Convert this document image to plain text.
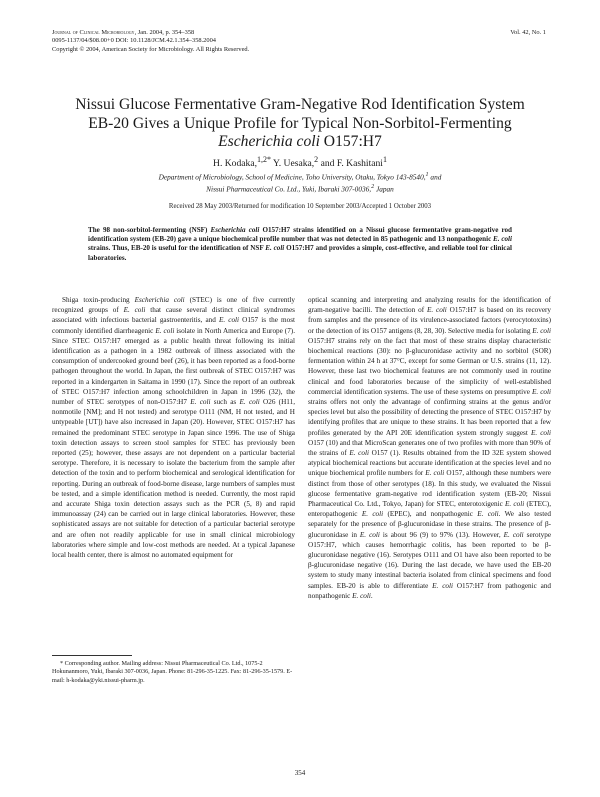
Journal of Clinical Microbiology, Jan. 2004, p. 354–358
0095-1137/04/$08.00+0 DOI: 10.1128/JCM.42.1.354–358.2004
Copyright © 2004, American Society for Microbiology. All Rights Reserved.
Vol. 42, No. 1
Nissui Glucose Fermentative Gram-Negative Rod Identification System
EB-20 Gives a Unique Profile for Typical Non-Sorbitol-Fermenting
Escherichia coli O157:H7
H. Kodaka,$^{1,2*}$ Y. Uesaka,$^2$ and F. Kashitani$^1$
Department of Microbiology, School of Medicine, Toho University, Otaku, Tokyo 143-8540,$^1$ and
Nissui Pharmaceutical Co. Ltd., Yuki, Ibaraki 307-0036,$^2$ Japan
Received 28 May 2003/Returned for modification 10 September 2003/Accepted 1 October 2003

The 98 non-sorbitol-fermenting (NSF) Escherichia coli O157:H7 strains identified on a Nissui glucose fermentative gram-negative rod identification system (EB-20) gave a unique biochemical profile number that was not detected in 85 pathogenic and 13 nonpathogenic E. coli strains. Thus, EB-20 is useful for the identification of NSF E. coli O157:H7 and provides a simple, cost-effective, and reliable tool for clinical laboratories.

Shiga toxin-producing Escherichia coli (STEC) is one of five currently recognized groups of E. coli that cause several distinct clinical syndromes associated with infectious bacterial gastroenteritis, and E. coli O157 is the most commonly identified diarrheagenic E. coli isolate in North America and Europe (7). Since STEC O157:H7 emerged as a public health threat following its initial identification as a pathogen in a 1982 outbreak of illness associated with the consumption of undercooked ground beef (26), it has been reported as a food-borne pathogen throughout the world. In Japan, the first outbreak of STEC O157:H7 was reported in a kindergarten in Saitama in 1990 (17). Since the report of an outbreak of STEC O157:H7 infection among schoolchildren in Japan in 1996 (32), the number of STEC serotypes of non-O157:H7 E. coli such as E. coli O26 (H11, nonmotile [NM]; and H not tested) and serotype O111 (NM, H not tested, and H untypeable [UT]) have also increased in Japan (20). However, STEC O157:H7 has remained the predominant STEC serotype in Japan since 1996. The use of Shiga toxin detection assays to screen stool samples for STEC has previously been reported (25); however, these assays are not dependent on a particular bacterial serotype. Therefore, it is necessary to isolate the bacterium from the sample after detection of the toxin and to perform biochemical and serological identification for reporting. During an outbreak of food-borne disease, large numbers of samples must be tested, and a simple identification method is needed. Currently, the most rapid and accurate Shiga toxin detection assays such as the PCR (5, 8) and rapid immunoassay (24) can be carried out in large clinical laboratories. However, these sophisticated assays are not suitable for detection of a particular bacterial serotype and are often not readily applicable for use in small clinical microbiology laboratories where simple and low-cost methods are needed. At a typical Japanese local health center, there is almost no automated equipment for

* Corresponding author. Mailing address: Nissui Pharmaceutical Co. Ltd., 1075-2 Hokunanmoro, Yuki, Ibaraki 307-0036, Japan. Phone: 81-296-35-1225. Fax: 81-296-35-1579. E-mail: h-kodaka@yki.nissui-pharm.jp.

optical scanning and interpreting and analyzing results for the identification of gram-negative bacilli. The detection of E. coli O157:H7 is based on its recovery from samples and the presence of its virulence-associated factors (verocytotoxins) or the detection of its O157 antigens (8, 28, 30). Selective media for isolating E. coli O157:H7 strains rely on the fact that most of these strains display characteristic biochemical reactions (30): no β-glucuronidase activity and no sorbitol (SOR) fermentation within 24 h at 37°C, except for some German or U.S. strains (11, 12). However, these last two biochemical features are not commonly used in routine clinical and food laboratories because of the simplicity of well-established commercial identification systems. The use of these systems on presumptive E. coli strains offers not only the advantage of confirming strains at the genus and/or species level but also the possibility of detecting the presence of STEC O157:H7 by identifying profiles that are unique to these strains. It has been reported that a few profiles generated by the API 20E identification system strongly suggest E. coli O157 (10) and that MicroScan generates one of two profiles with more than 90% of the strains of E. coli O157 (1). Results obtained from the ID 32E system showed atypical biochemical reactions but accurate identification at the species level and no unique biochemical profile numbers for E. coli O157, although these numbers were distinct from those of other serotypes (18). In this study, we evaluated the Nissui glucose fermentative gram-negative rod identification system (EB-20; Nissui Pharmaceutical Co. Ltd., Tokyo, Japan) for STEC, enterotoxigenic E. coli (ETEC), enteropathogenic E. coli (EPEC), and nonpathogenic E. coli. We also tested separately for the presence of β-glucuronidase in these strains. The presence of β-glucuronidase in E. coli is about 96 (9) to 97% (13). However, E. coli serotype O157:H7, which causes hemorrhagic colitis, has been reported to be β-glucuronidase negative (16). Serotypes O111 and O1 have also been reported to be β-glucuronidase negative (16). During the last decade, we have used the EB-20 system to study many intestinal bacteria isolated from clinical specimens and food samples. EB-20 is able to differentiate E. coli O157:H7 from pathogenic and nonpathogenic E. coli.

354
